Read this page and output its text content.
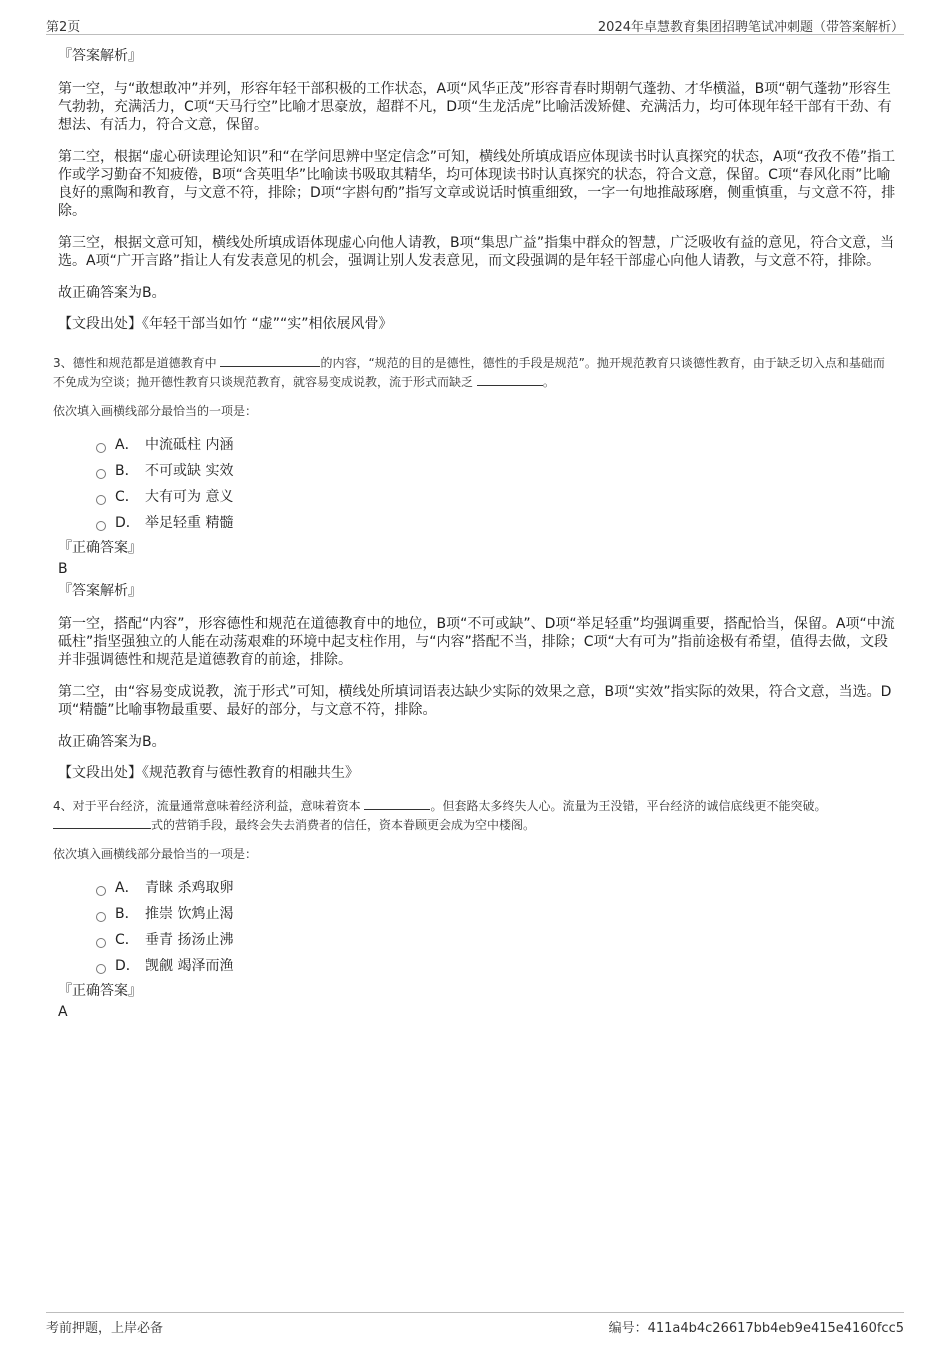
第2页	2024年卓慧教育集团招聘笔试冲刺题（带答案解析）

『答案解析』

第一空，与“敢想敢冲”并列，形容年轻干部积极的工作状态，A项“风华正茂”形容青春时期朝气蓬勃、才华横溢，B项“朝气蓬勃”形容生气勃勃，充满活力，C项“天马行空”比喻才思豪放，超群不凡，D项“生龙活虎”比喻活泼矫健、充满活力，均可体现年轻干部有干劲、有想法、有活力，符合文意，保留。

第二空，根据“虚心研读理论知识”和“在学问思辨中坚定信念”可知，横线处所填成语应体现读书时认真探究的状态，A项“孜孜不倦”指工作或学习勤奋不知疲倦，B项“含英咀华”比喻读书吸取其精华，均可体现读书时认真探究的状态，符合文意，保留。C项“春风化雨”比喻良好的熏陶和教育，与文意不符，排除；D项“字斟句酌”指写文章或说话时慎重细致，一字一句地推敲琢磨，侧重慎重，与文意不符，排除。

第三空，根据文意可知，横线处所填成语体现虚心向他人请教，B项“集思广益”指集中群众的智慧，广泛吸收有益的意见，符合文意，当选。A项“广开言路”指让人有发表意见的机会，强调让别人发表意见，而文段强调的是年轻干部虚心向他人请教，与文意不符，排除。

故正确答案为B。

【文段出处】《年轻干部当如竹 “虚”“实”相依展风骨》

3、德性和规范都是道德教育中	的内容，“规范的目的是德性，德性的手段是规范”。抛开规范教育只谈德性教育，由于缺乏切入点和基础而不免成为空谈；抛开德性教育只谈规范教育，就容易变成说教，流于形式而缺乏	。

依次填入画横线部分最恰当的一项是：

A． 中流砥柱 内涵
B． 不可或缺 实效
C． 大有可为 意义
D． 举足轻重 精髓

『正确答案』

B

『答案解析』

第一空，搭配“内容”，形容德性和规范在道德教育中的地位，B项“不可或缺”、D项“举足轻重”均强调重要，搭配恰当，保留。A项“中流砥柱”指坚强独立的人能在动荡艰难的环境中起支柱作用，与“内容”搭配不当，排除；C项“大有可为”指前途极有希望，值得去做，文段并非强调德性和规范是道德教育的前途，排除。

第二空，由“容易变成说教，流于形式”可知，横线处所填词语表达缺少实际的效果之意，B项“实效”指实际的效果，符合文意，当选。D项“精髓”比喻事物最重要、最好的部分，与文意不符，排除。

故正确答案为B。

【文段出处】《规范教育与德性教育的相融共生》

4、对于平台经济，流量通常意味着经济利益，意味着资本	。但套路太多终失人心。流量为王没错，平台经济的诚信底线更不能突破。 式的营销手段，最终会失去消费者的信任，资本眷顾更会成为空中楼阁。

依次填入画横线部分最恰当的一项是：

A． 青睐 杀鸡取卵
B． 推崇 饮鸩止渴
C． 垂青 扬汤止沸
D． 觊觎 竭泽而渔

『正确答案』

A

考前押题，上岸必备	编号：411a4b4c26617bb4eb9e415e4160fcc5
